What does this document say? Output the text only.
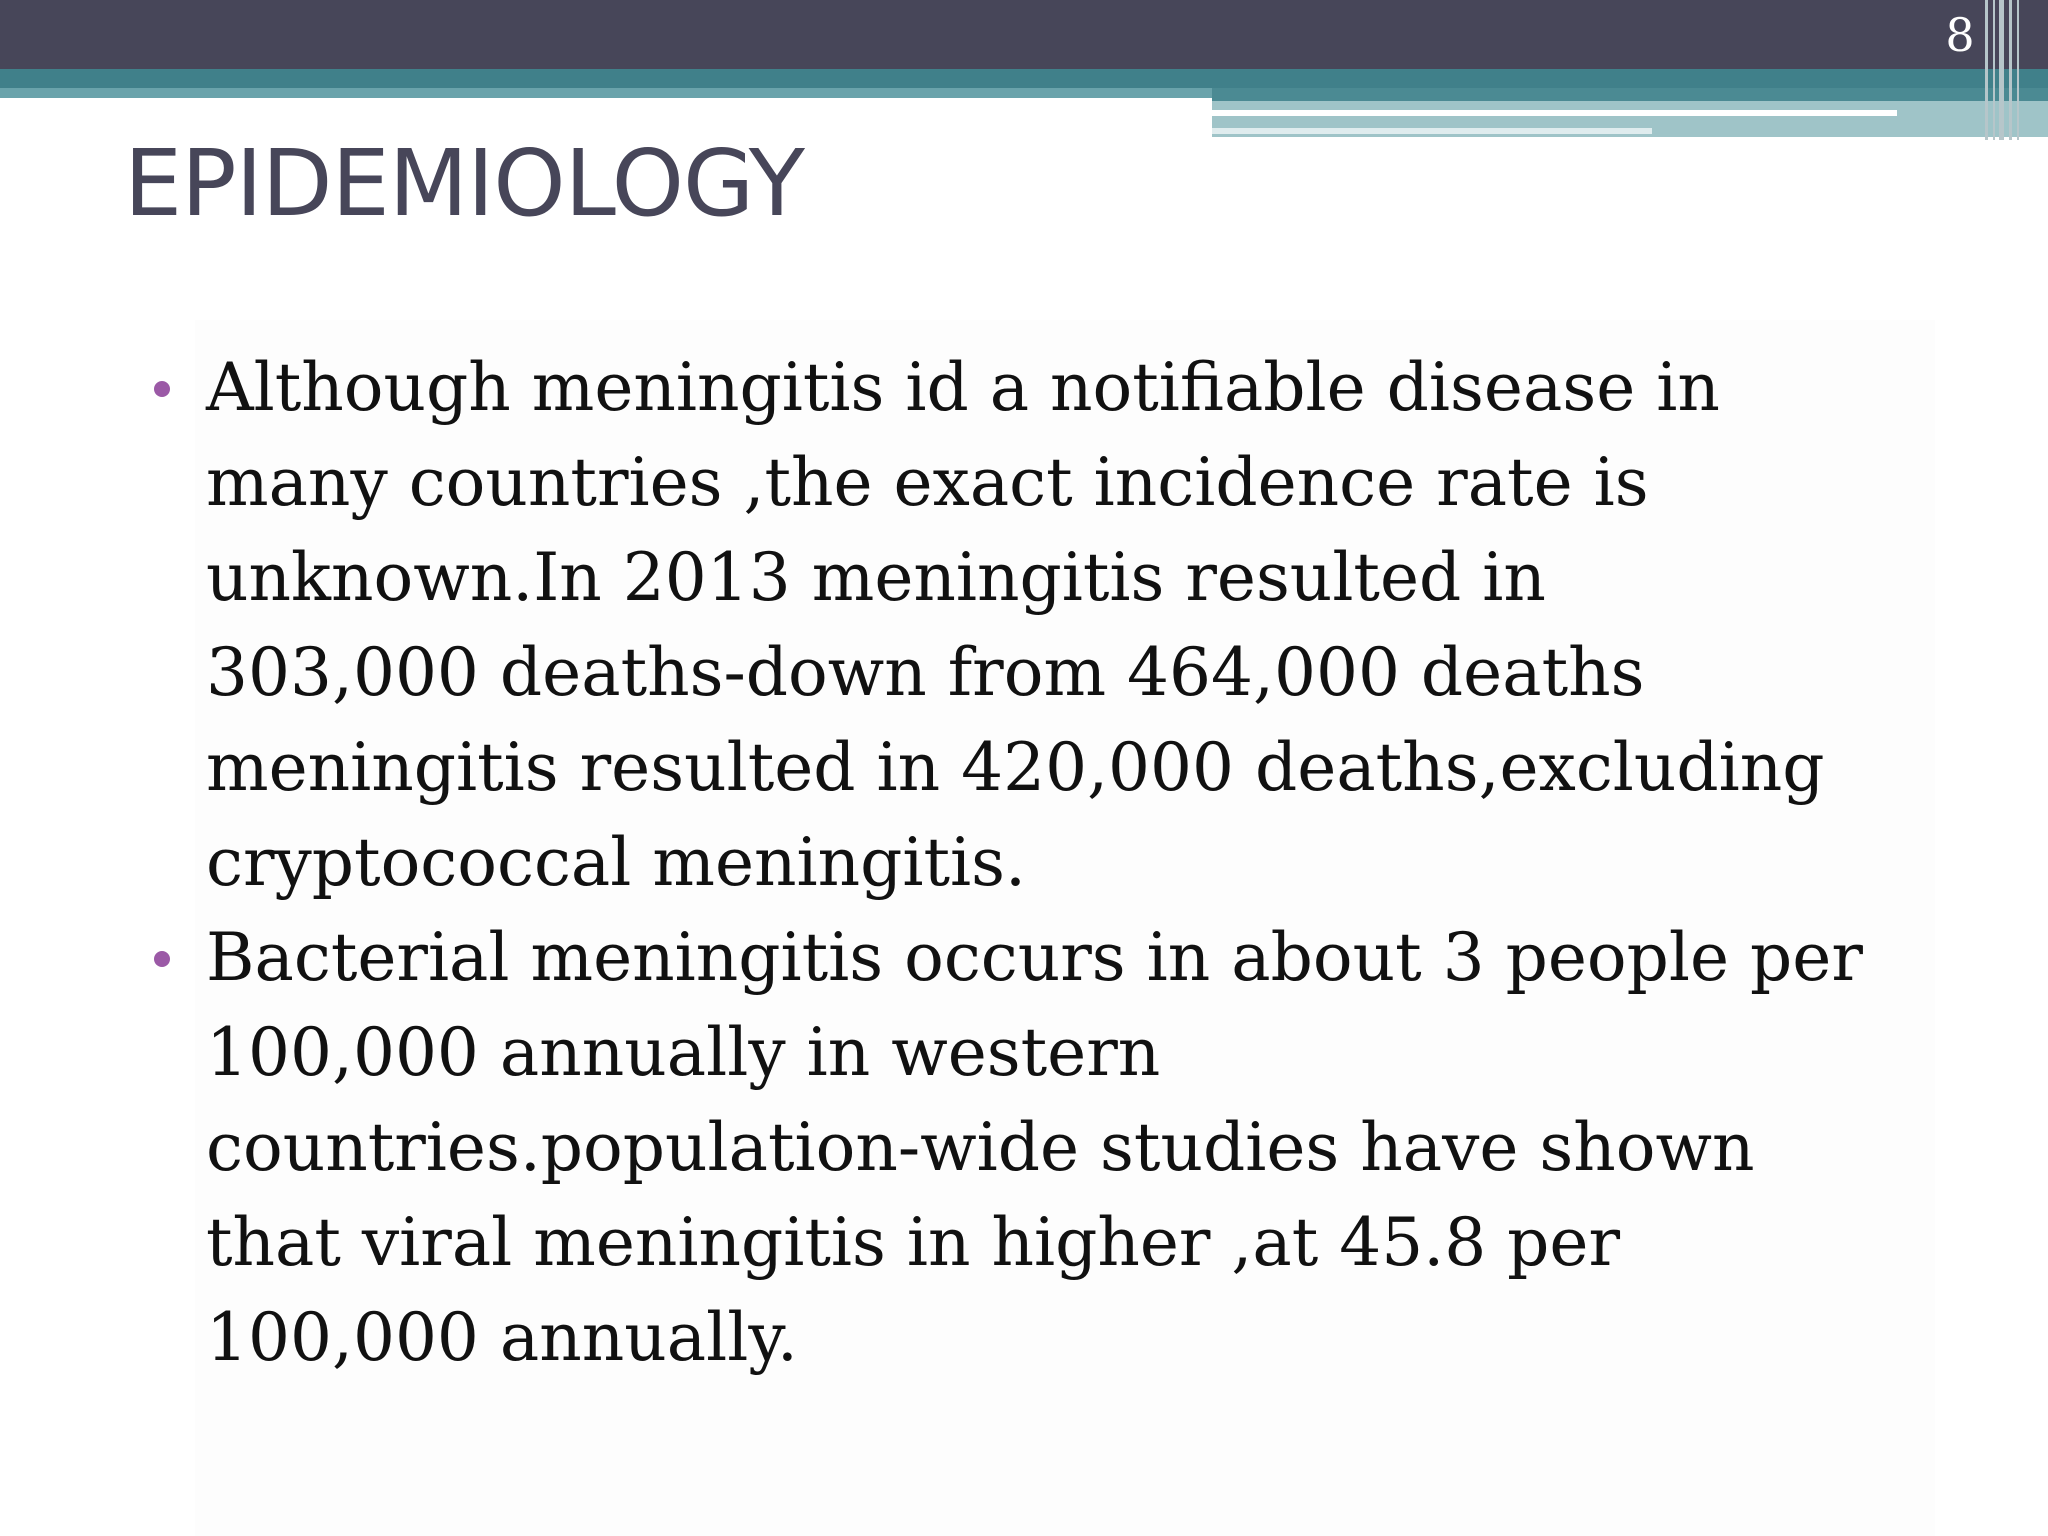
8
EPIDEMIOLOGY
Although meningitis id a notifiable disease in
many countries ,the exact incidence rate is
unknown.In 2013 meningitis resulted in
303,000 deaths-down from 464,000 deaths
meningitis resulted in 420,000 deaths,excluding
cryptococcal meningitis.
Bacterial meningitis occurs in about 3 people per
100,000 annually in western
countries.population-wide studies have shown
that viral meningitis in higher ,at 45.8 per
100,000 annually.
